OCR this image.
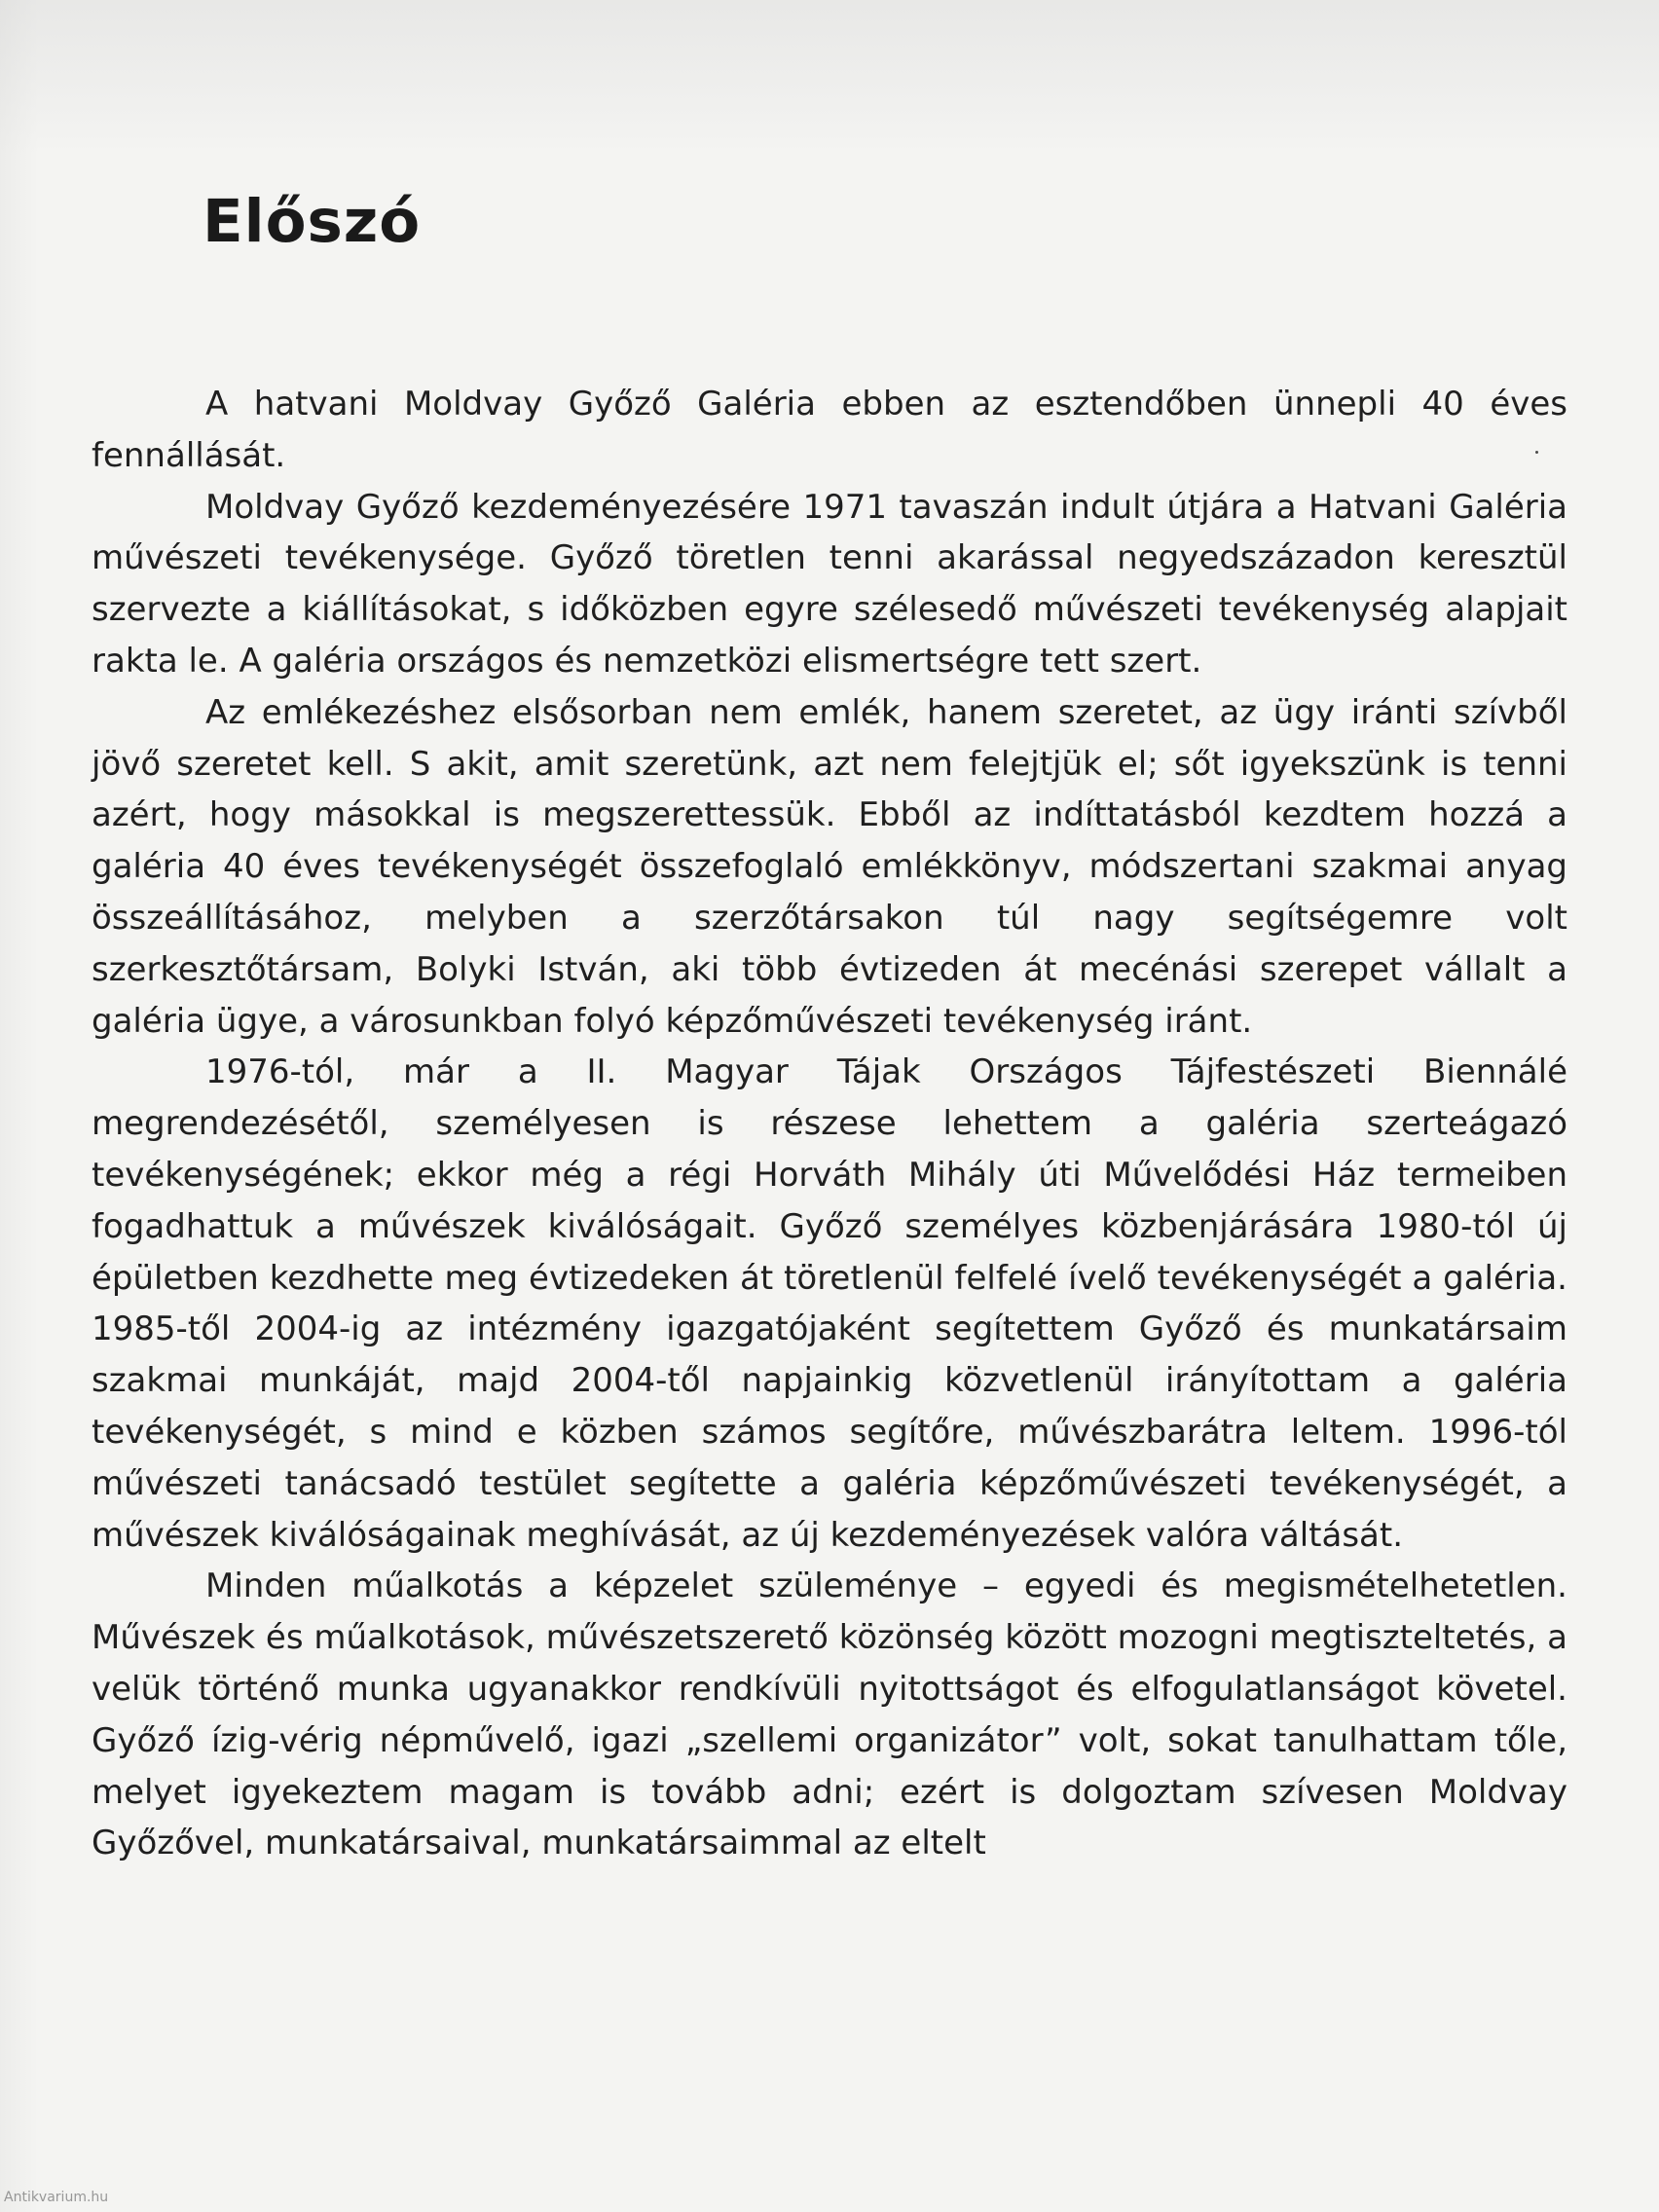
Előszó

A hatvani Moldvay Győző Galéria ebben az esztendőben ünnepli 40 éves fennállását.

Moldvay Győző kezdeményezésére 1971 tavaszán indult útjára a Hatvani Galéria művészeti tevékenysége. Győző töretlen tenni akarással negyedszázadon keresztül szervezte a kiállításokat, s időközben egyre szélesedő művészeti tevékenység alapjait rakta le. A galéria országos és nemzetközi elismertségre tett szert.

Az emlékezéshez elsősorban nem emlék, hanem szeretet, az ügy iránti szívből jövő szeretet kell. S akit, amit szeretünk, azt nem felejtjük el; sőt igyekszünk is tenni azért, hogy másokkal is megszerettessük. Ebből az indíttatásból kezdtem hozzá a galéria 40 éves tevékenységét összefoglaló emlékkönyv, módszertani szakmai anyag összeállításához, melyben a szerzőtársakon túl nagy segítségemre volt szerkesztőtársam, Bolyki István, aki több évtizeden át mecénási szerepet vállalt a galéria ügye, a városunkban folyó képzőművészeti tevékenység iránt.

1976-tól, már a II. Magyar Tájak Országos Tájfestészeti Biennálé megrendezésétől, személyesen is részese lehettem a galéria szerteágazó tevékenységének; ekkor még a régi Horváth Mihály úti Művelődési Ház termeiben fogadhattuk a művészek kiválóságait. Győző személyes közbenjárására 1980-tól új épületben kezdhette meg évtizedeken át töretlenül felfelé ívelő tevékenységét a galéria. 1985-től 2004-ig az intézmény igazgatójaként segítettem Győző és munkatársaim szakmai munkáját, majd 2004-től napjainkig közvetlenül irányítottam a galéria tevékenységét, s mind e közben számos segítőre, művészbarátra leltem. 1996-tól művészeti tanácsadó testület segítette a galéria képzőművészeti tevékenységét, a művészek kiválóságainak meghívását, az új kezdeményezések valóra váltását.

Minden műalkotás a képzelet szüleménye – egyedi és megismételhetetlen. Művészek és műalkotások, művészetszerető közönség között mozogni megtiszteltetés, a velük történő munka ugyanakkor rendkívüli nyitottságot és elfogulatlanságot követel. Győző ízig-vérig népművelő, igazi „szellemi organizátor” volt, sokat tanulhattam tőle, melyet igyekeztem magam is tovább adni; ezért is dolgoztam szívesen Moldvay Győzővel, munkatársaival, munkatársaimmal az eltelt

Antikvarium.hu
